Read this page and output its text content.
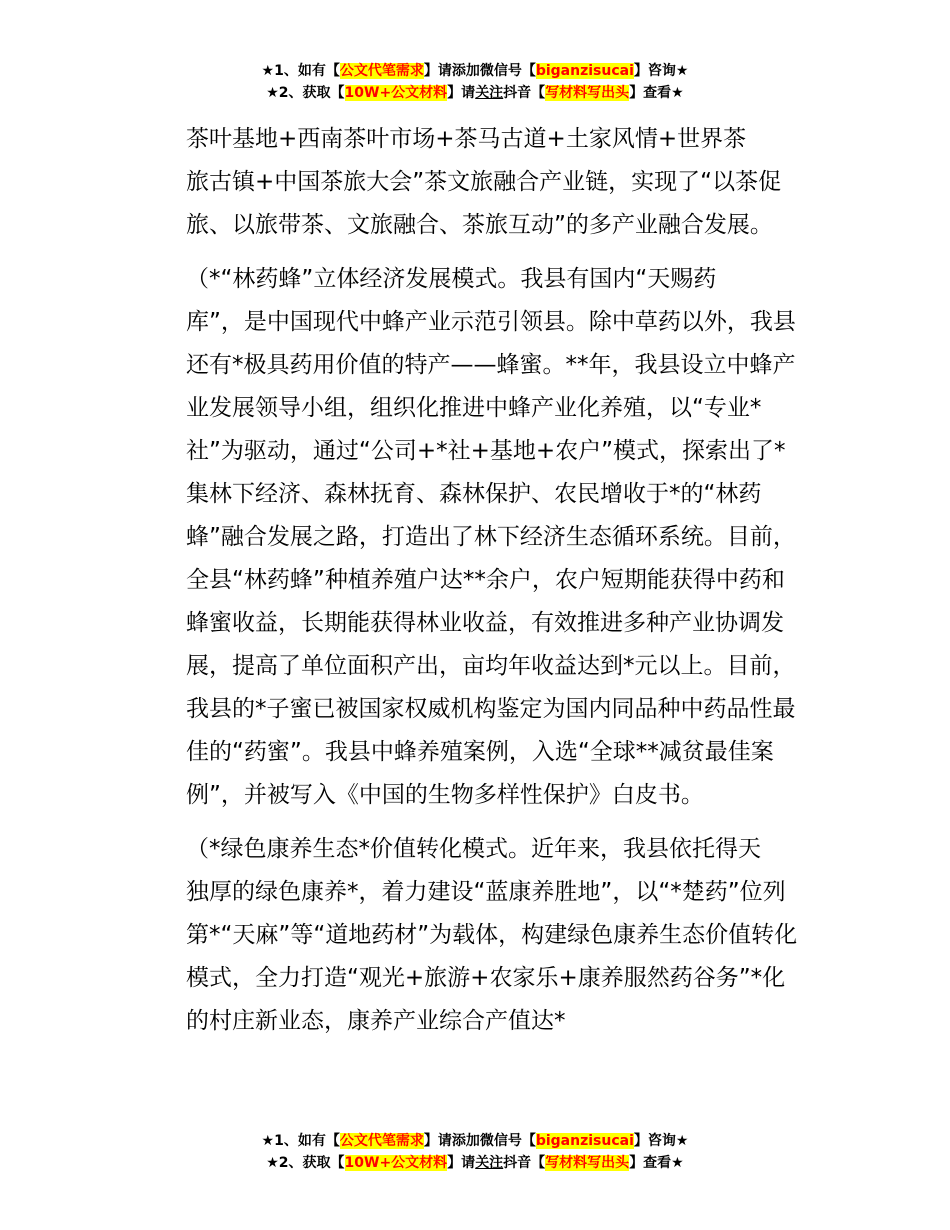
★1、如有【公文代笔需求】请添加微信号【biganzisucai】咨询★
★2、获取【10W+公文材料】请关注抖音【写材料写出头】查看★
茶叶基地+西南茶叶市场+茶马古道+土家风情+世界茶
旅古镇+中国茶旅大会”茶文旅融合产业链，实现了“以茶促
旅、以旅带茶、文旅融合、茶旅互动”的多产业融合发展。
（*“林药蜂”立体经济发展模式。我县有国内“天赐药
库”，是中国现代中蜂产业示范引领县。除中草药以外，我县
还有*极具药用价值的特产——蜂蜜。**年，我县设立中蜂产
业发展领导小组，组织化推进中蜂产业化养殖，以“专业*
社”为驱动，通过“公司+*社+基地+农户”模式，探索出了*
集林下经济、森林抚育、森林保护、农民增收于*的“林药
蜂”融合发展之路，打造出了林下经济生态循环系统。目前，
全县“林药蜂”种植养殖户达**余户，农户短期能获得中药和
蜂蜜收益，长期能获得林业收益，有效推进多种产业协调发
展，提高了单位面积产出，亩均年收益达到*元以上。目前，
我县的*子蜜已被国家权威机构鉴定为国内同品种中药品性最
佳的“药蜜”。我县中蜂养殖案例，入选“全球**减贫最佳案
例”，并被写入《中国的生物多样性保护》白皮书。
（*绿色康养生态*价值转化模式。近年来，我县依托得天
独厚的绿色康养*，着力建设“蓝康养胜地”，以“*楚药”位列
第*“天麻”等“道地药材”为载体，构建绿色康养生态价值转化
模式，全力打造“观光+旅游+农家乐+康养服然药谷务”*化
的村庄新业态，康养产业综合产值达*
★1、如有【公文代笔需求】请添加微信号【biganzisucai】咨询★
★2、获取【10W+公文材料】请关注抖音【写材料写出头】查看★
